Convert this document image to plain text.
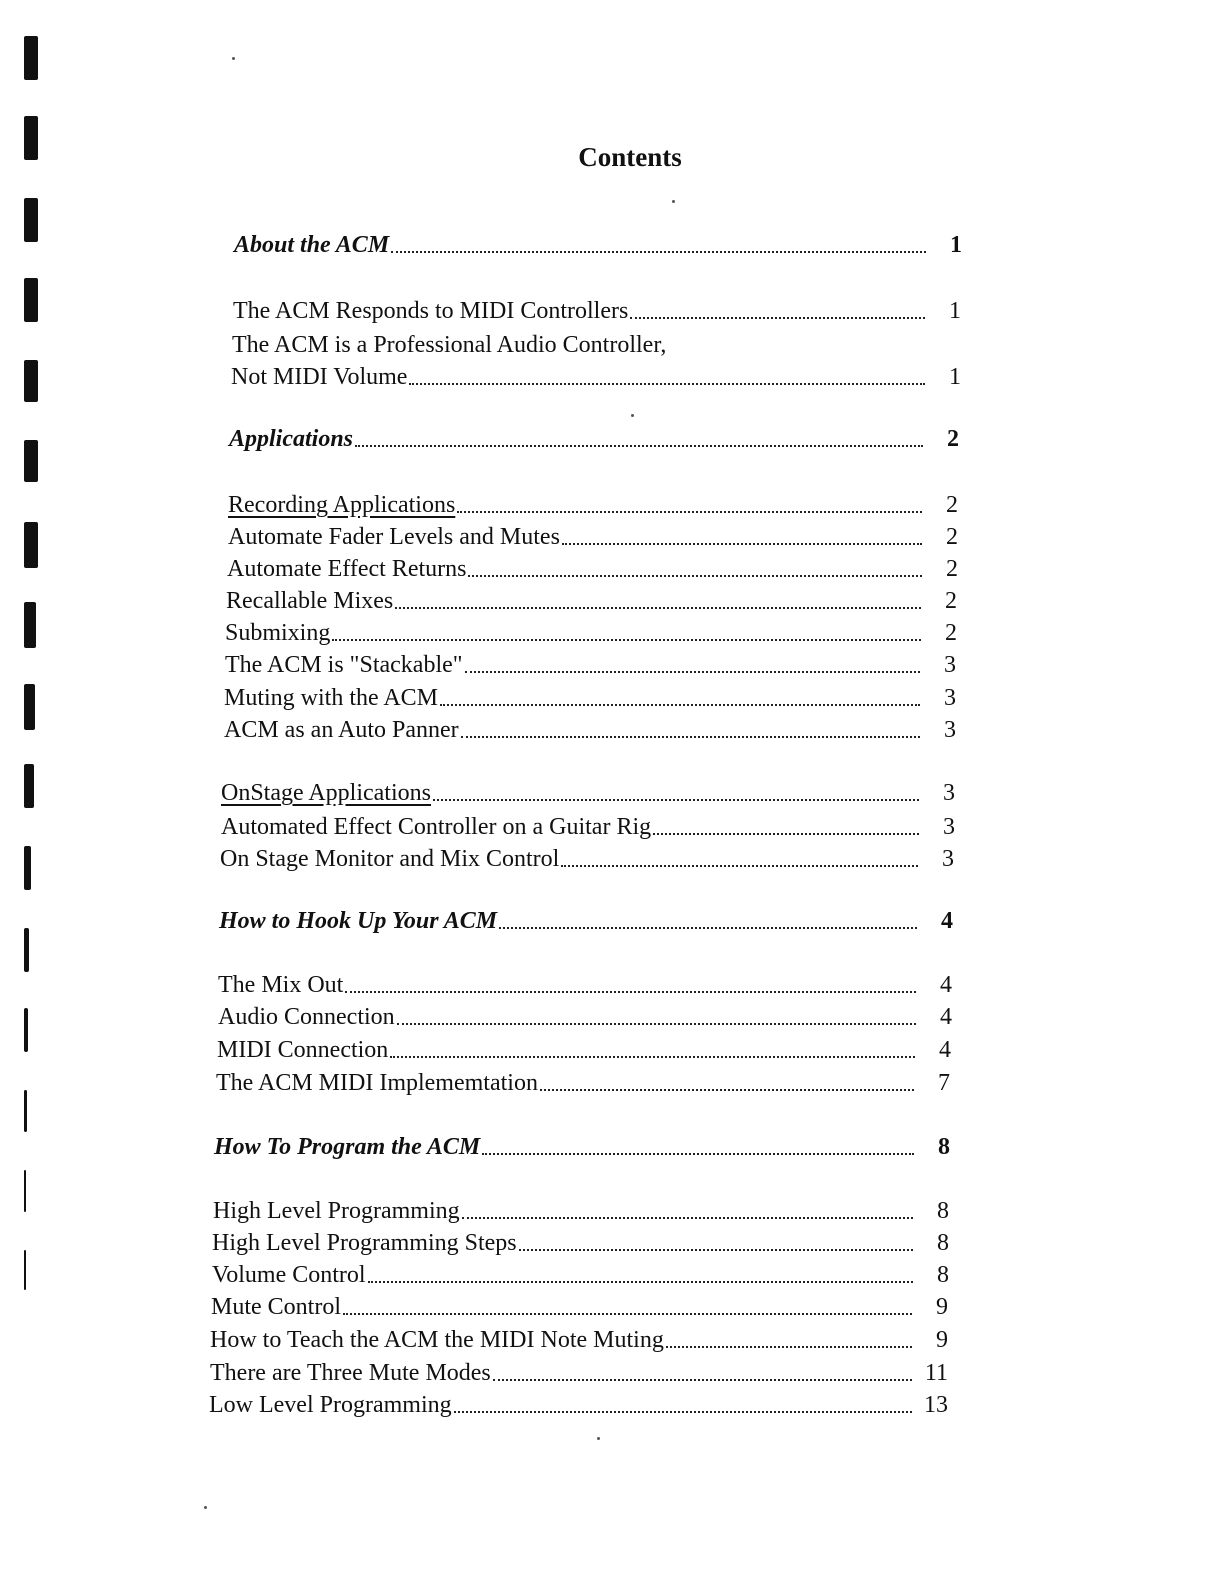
Contents
About the ACM	1
The ACM Responds to MIDI Controllers	1
The ACM is a Professional Audio Controller,
Not MIDI Volume	1
Applications	2
Recording Applications	2
Automate Fader Levels and Mutes	2
Automate Effect Returns	2
Recallable Mixes	2
Submixing	2
The ACM is "Stackable"	3
Muting with the ACM	3
ACM as an Auto Panner	3
OnStage Applications	3
Automated Effect Controller on a Guitar Rig	3
On Stage Monitor and Mix Control	3
How to Hook Up Your ACM	4
The Mix Out	4
Audio Connection	4
MIDI Connection	4
The ACM MIDI Implememtation	7
How To Program the ACM	8
High Level Programming	8
High Level Programming Steps	8
Volume Control	8
Mute Control	9
How to Teach the ACM the MIDI Note Muting	9
There are Three Mute Modes	11
Low Level Programming	13
